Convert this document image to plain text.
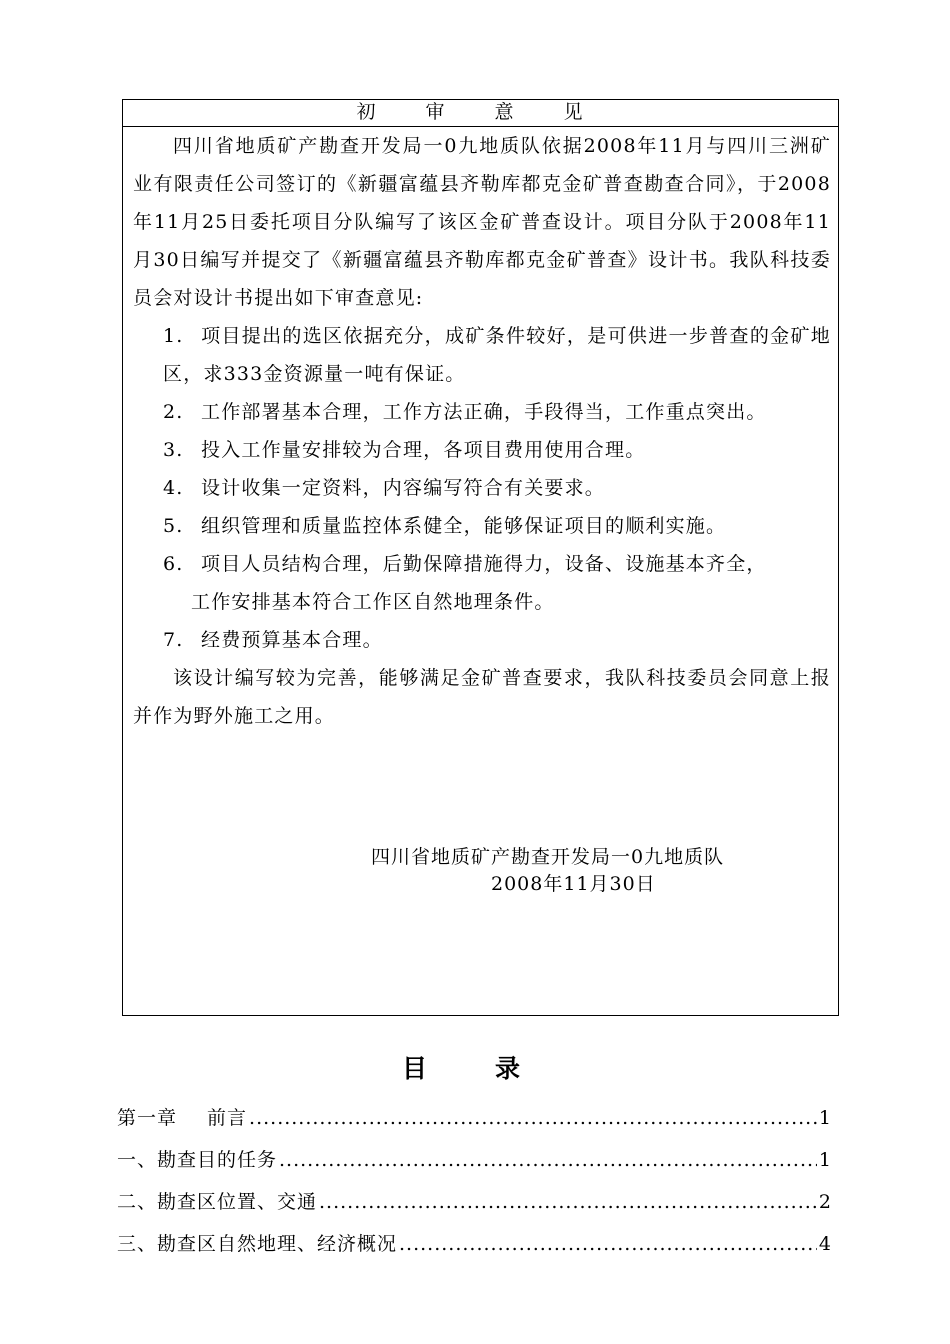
初 审 意 见

四川省地质矿产勘查开发局一0九地质队依据2008年11月与四川三洲矿业有限责任公司签订的《新疆富蕴县齐勒库都克金矿普查勘查合同》，于2008年11月25日委托项目分队编写了该区金矿普查设计。项目分队于2008年11月30日编写并提交了《新疆富蕴县齐勒库都克金矿普查》设计书。我队科技委员会对设计书提出如下审查意见:

1. 项目提出的选区依据充分，成矿条件较好，是可供进一步普查的金矿地区，求333金资源量一吨有保证。

2. 工作部署基本合理，工作方法正确，手段得当，工作重点突出。

3. 投入工作量安排较为合理，各项目费用使用合理。

4. 设计收集一定资料，内容编写符合有关要求。

5. 组织管理和质量监控体系健全，能够保证项目的顺利实施。

6. 项目人员结构合理，后勤保障措施得力，设备、设施基本齐全，

工作安排基本符合工作区自然地理条件。

7. 经费预算基本合理。

该设计编写较为完善，能够满足金矿普查要求，我队科技委员会同意上报并作为野外施工之用。

四川省地质矿产勘查开发局一0九地质队
2008年11月30日
目录
第一章 前言 .....	1
一、勘查目的任务 .....	1
二、勘查区位置、交通 .....	2
三、勘查区自然地理、经济概况 .....	4
